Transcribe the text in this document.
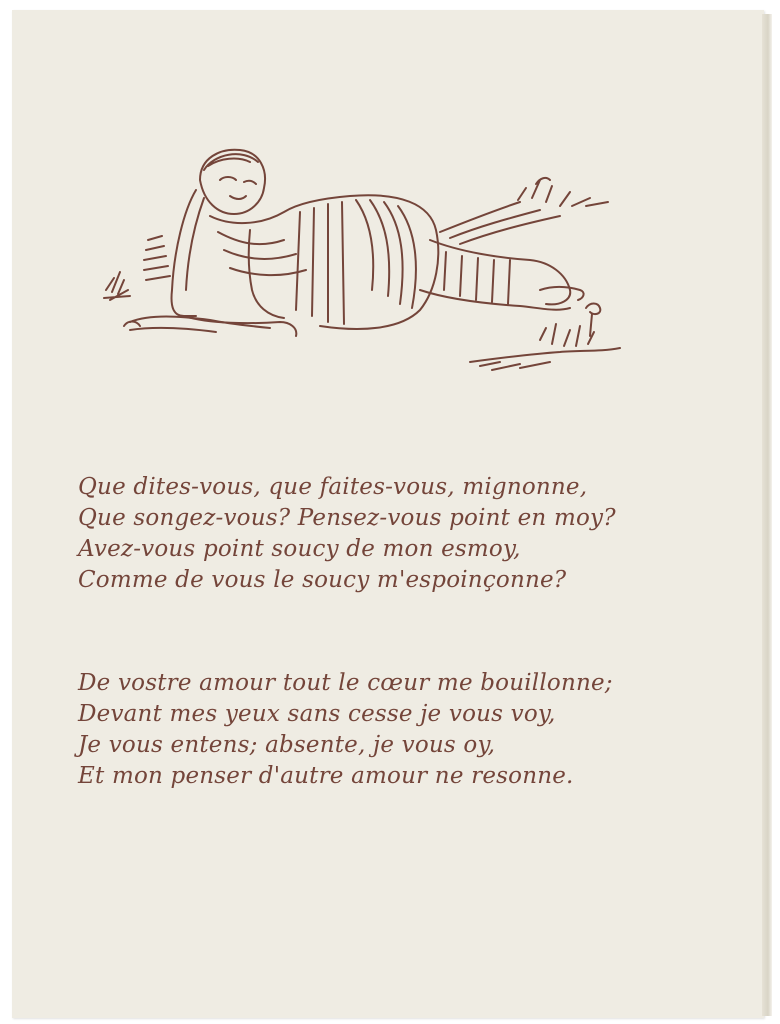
Que dites-vous, que faites-vous, mignonne,
Que songez-vous? Pensez-vous point en moy?
Avez-vous point soucy de mon esmoy,
Comme de vous le soucy m'espoinçonne?
De vostre amour tout le cœur me bouillonne;
Devant mes yeux sans cesse je vous voy,
Je vous entens; absente, je vous oy,
Et mon penser d'autre amour ne resonne.
